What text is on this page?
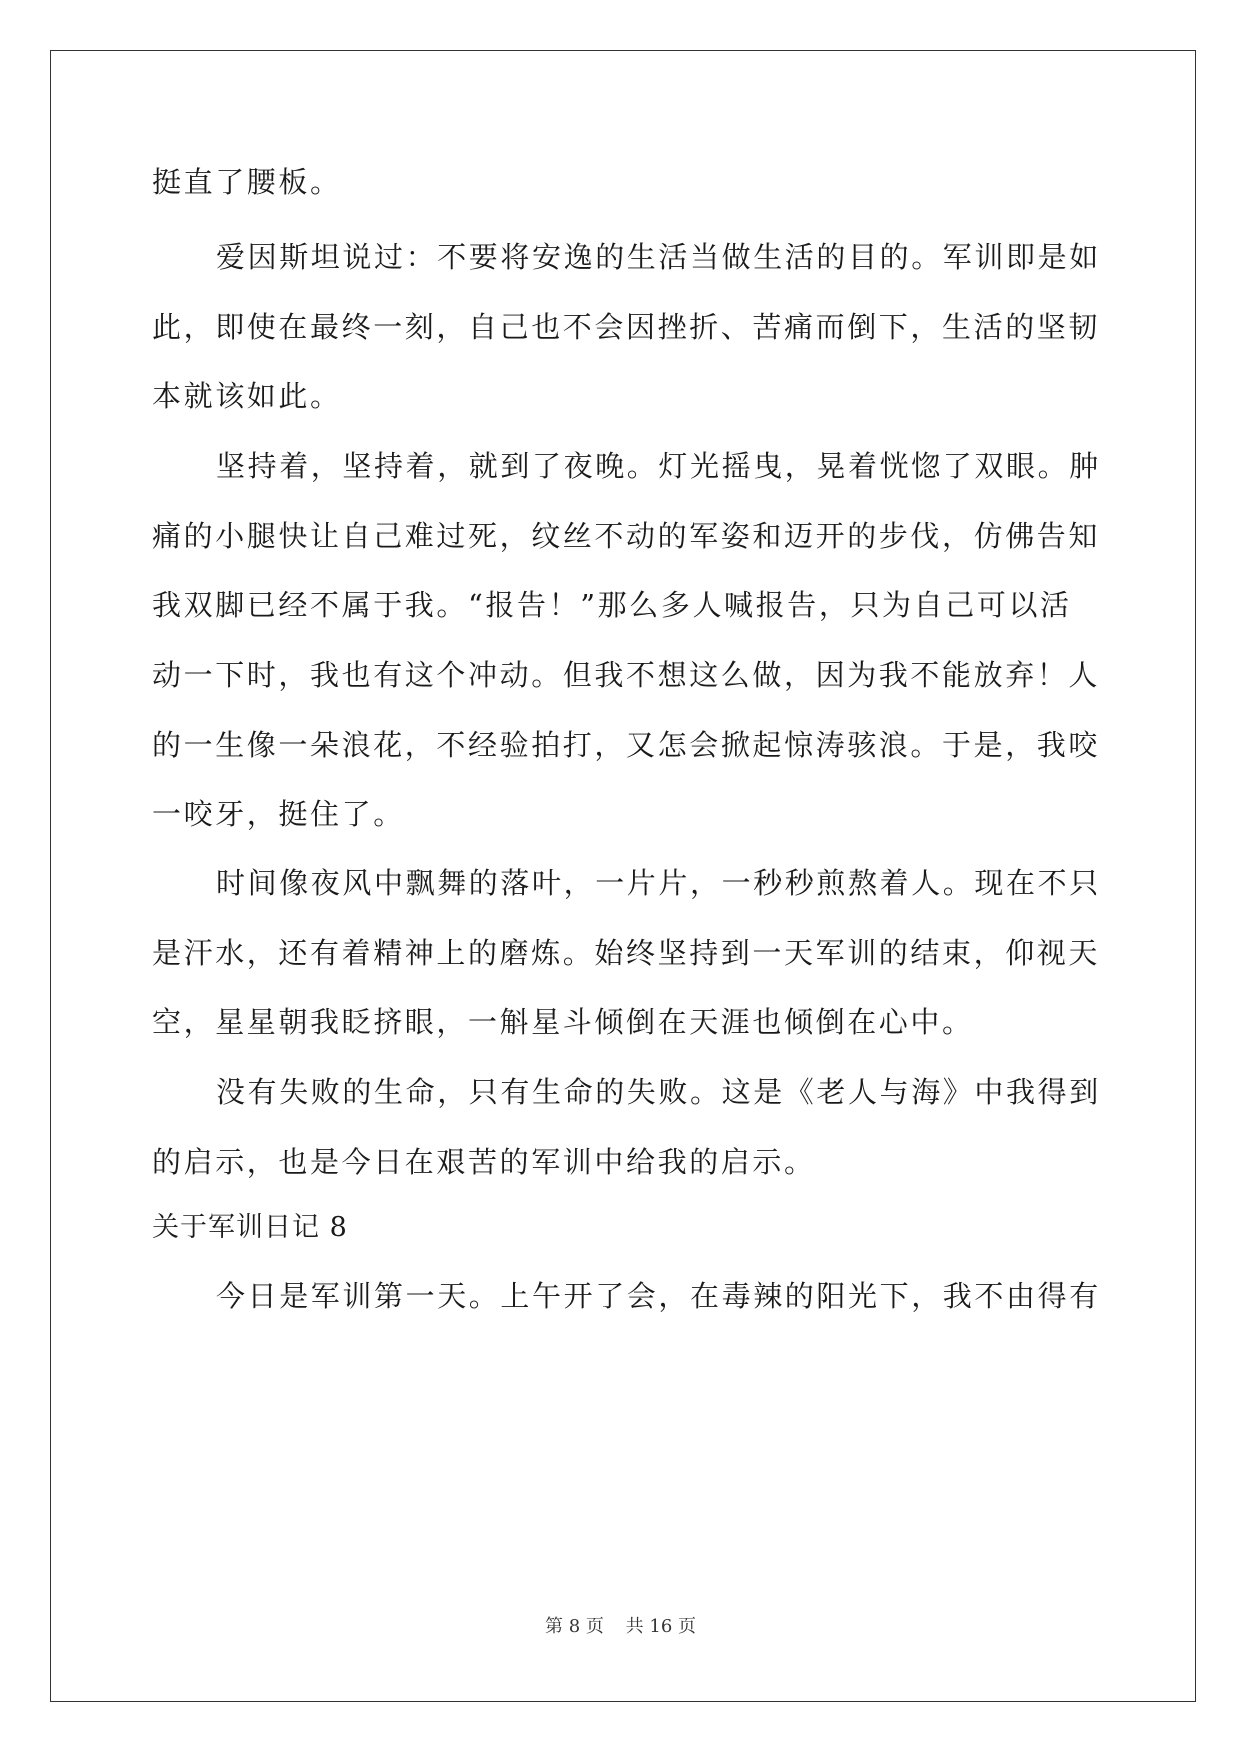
挺直了腰板。
爱因斯坦说过：不要将安逸的生活当做生活的目的。军训即是如
此，即使在最终一刻，自己也不会因挫折、苦痛而倒下，生活的坚韧
本就该如此。
坚持着，坚持着，就到了夜晚。灯光摇曳，晃着恍惚了双眼。肿
痛的小腿快让自己难过死，纹丝不动的军姿和迈开的步伐，仿佛告知
我双脚已经不属于我。“报告！”那么多人喊报告，只为自己可以活
动一下时，我也有这个冲动。但我不想这么做，因为我不能放弃！人
的一生像一朵浪花，不经验拍打，又怎会掀起惊涛骇浪。于是，我咬
一咬牙，挺住了。
时间像夜风中飘舞的落叶，一片片，一秒秒煎熬着人。现在不只
是汗水，还有着精神上的磨炼。始终坚持到一天军训的结束，仰视天
空，星星朝我眨挤眼，一斛星斗倾倒在天涯也倾倒在心中。
没有失败的生命，只有生命的失败。这是《老人与海》中我得到
的启示，也是今日在艰苦的军训中给我的启示。
关于军训日记 8
今日是军训第一天。上午开了会，在毒辣的阳光下，我不由得有
第 8 页 共 16 页
